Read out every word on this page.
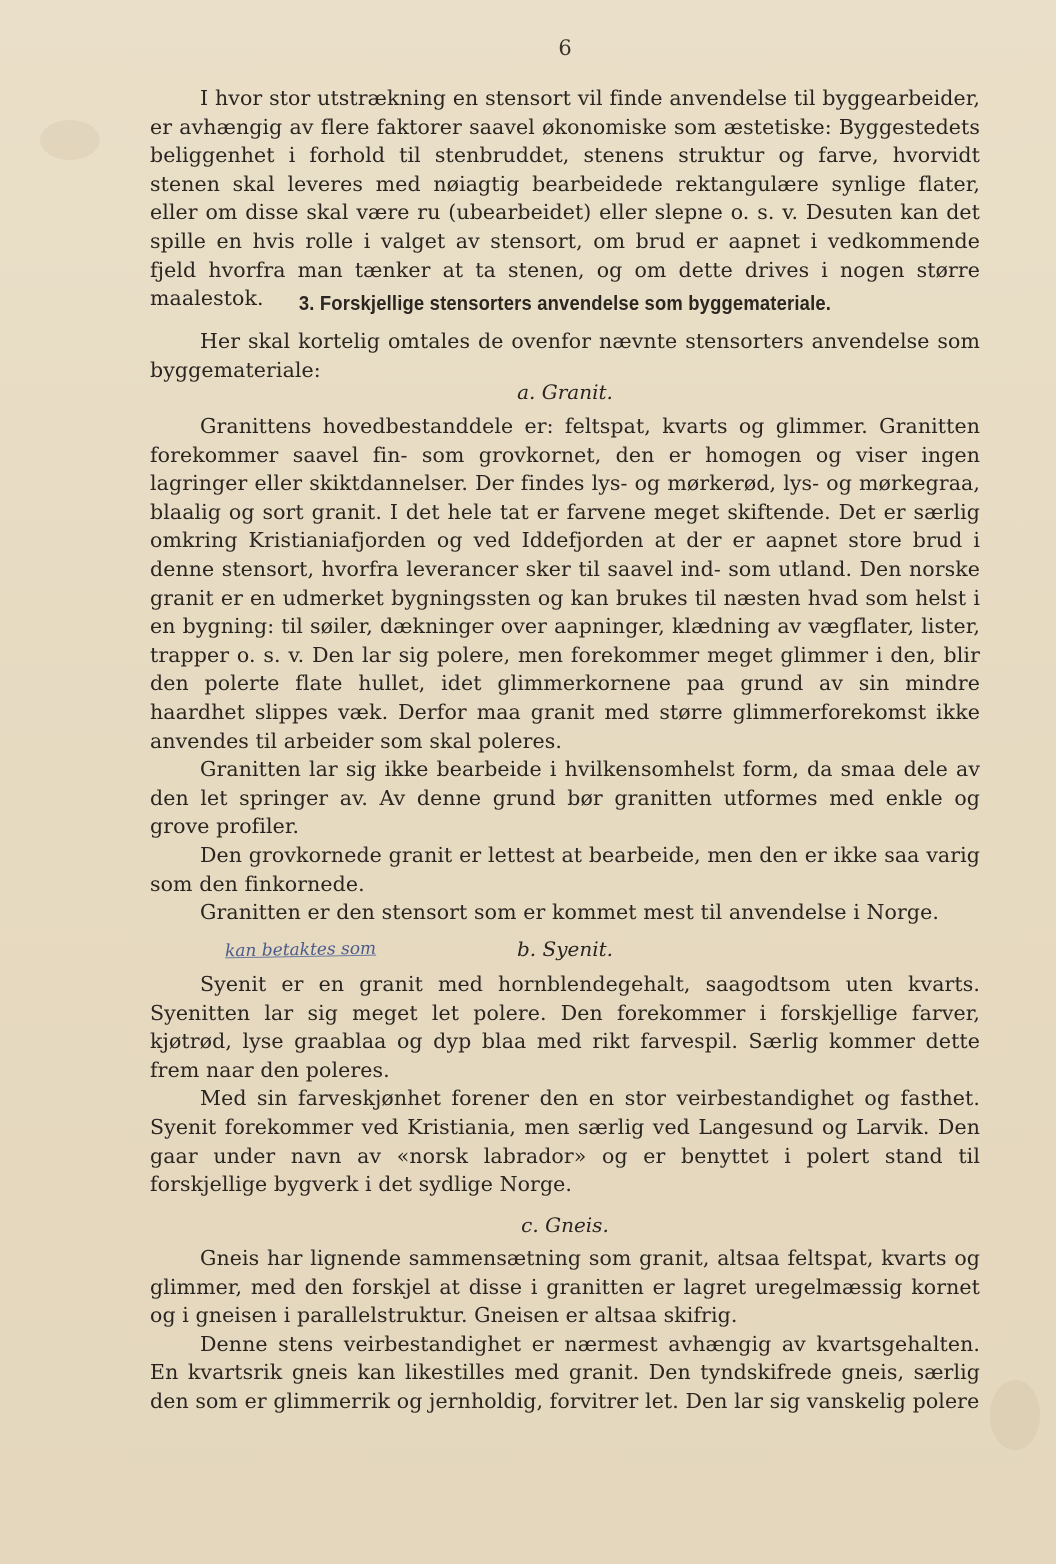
6

I hvor stor utstrækning en stensort vil finde anvendelse til byggearbeider, er avhængig av flere faktorer saavel økonomiske som æstetiske: Byggestedets beliggenhet i forhold til stenbruddet, stenens struktur og farve, hvorvidt stenen skal leveres med nøiagtig bearbeidede rektangulære synlige flater, eller om disse skal være ru (ubearbeidet) eller slepne o. s. v. Desuten kan det spille en hvis rolle i valget av stensort, om brud er aapnet i vedkommende fjeld hvorfra man tænker at ta stenen, og om dette drives i nogen større maalestok.	3. Forskjellige stensorters anvendelse som byggemateriale.

Her skal kortelig omtales de ovenfor nævnte stensorters anvendelse som byggemateriale:

a. Granit.

Granittens hovedbestanddele er: feltspat, kvarts og glimmer. Granitten forekommer saavel fin- som grovkornet, den er homogen og viser ingen lagringer eller skiktdannelser. Der findes lys- og mørkerød, lys- og mørkegraa, blaalig og sort granit. I det hele tat er farvene meget skiftende. Det er særlig omkring Kristianiafjorden og ved Iddefjorden at der er aapnet store brud i denne stensort, hvorfra leverancer sker til saavel ind- som utland. Den norske granit er en udmerket bygningssten og kan brukes til næsten hvad som helst i en bygning: til søiler, dækninger over aapninger, klædning av vægflater, lister, trapper o. s. v. Den lar sig polere, men forekommer meget glimmer i den, blir den polerte flate hullet, idet glimmerkornene paa grund av sin mindre haardhet slippes væk. Derfor maa granit med større glimmerforekomst ikke anvendes til arbeider som skal poleres.

Granitten lar sig ikke bearbeide i hvilkensomhelst form, da smaa dele av den let springer av. Av denne grund bør granitten utformes med enkle og grove profiler.

Den grovkornede granit er lettest at bearbeide, men den er ikke saa varig som den finkornede.

Granitten er den stensort som er kommet mest til anvendelse i Norge.

kan betaktes som	b. Syenit.

Syenit er en granit med hornblendegehalt, saagodtsom uten kvarts. Syenitten lar sig meget let polere. Den forekommer i forskjellige farver, kjøtrød, lyse graablaa og dyp blaa med rikt farvespil. Særlig kommer dette frem naar den poleres.

Med sin farveskjønhet forener den en stor veirbestandighet og fasthet. Syenit forekommer ved Kristiania, men særlig ved Langesund og Larvik. Den gaar under navn av «norsk labrador» og er benyttet i polert stand til forskjellige bygverk i det sydlige Norge.

c. Gneis.

Gneis har lignende sammensætning som granit, altsaa feltspat, kvarts og glimmer, med den forskjel at disse i granitten er lagret uregelmæssig kornet og i gneisen i parallelstruktur. Gneisen er altsaa skifrig.

Denne stens veirbestandighet er nærmest avhængig av kvartsgehalten. En kvartsrik gneis kan likestilles med granit. Den tyndskifrede gneis, særlig den som er glimmerrik og jernholdig, forvitrer let. Den lar sig vanskelig polere
